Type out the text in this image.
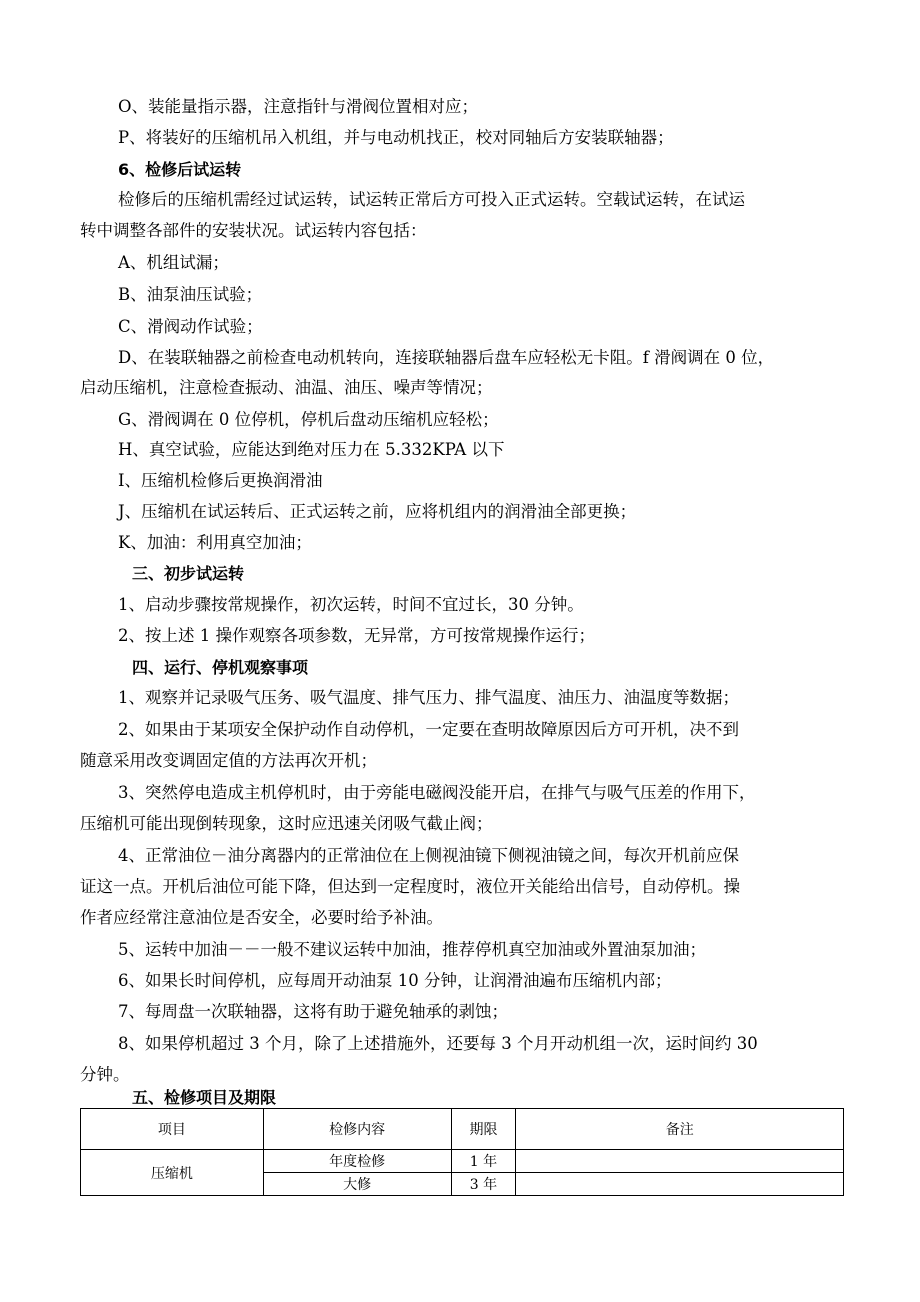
O、装能量指示器，注意指针与滑阀位置相对应；
P、将装好的压缩机吊入机组，并与电动机找正，校对同轴后方安装联轴器；
6、检修后试运转
检修后的压缩机需经过试运转，试运转正常后方可投入正式运转。空载试运转，在试运
转中调整各部件的安装状况。试运转内容包括：
A、机组试漏；
B、油泵油压试验；
C、滑阀动作试验；
D、在装联轴器之前检查电动机转向，连接联轴器后盘车应轻松无卡阻。f 滑阀调在 0 位，
启动压缩机，注意检查振动、油温、油压、噪声等情况；
G、滑阀调在 0 位停机，停机后盘动压缩机应轻松；
H、真空试验，应能达到绝对压力在 5.332KPA 以下
I、压缩机检修后更换润滑油
J、压缩机在试运转后、正式运转之前，应将机组内的润滑油全部更换；
K、加油：利用真空加油；
三、初步试运转
1、启动步骤按常规操作，初次运转，时间不宜过长，30 分钟。
2、按上述 1 操作观察各项参数，无异常，方可按常规操作运行；
四、运行、停机观察事项
1、观察并记录吸气压务、吸气温度、排气压力、排气温度、油压力、油温度等数据；
2、如果由于某项安全保护动作自动停机，一定要在查明故障原因后方可开机，决不到
随意采用改变调固定值的方法再次开机；
3、突然停电造成主机停机时，由于旁能电磁阀没能开启，在排气与吸气压差的作用下，
压缩机可能出现倒转现象，这时应迅速关闭吸气截止阀；
4、正常油位－油分离器内的正常油位在上侧视油镜下侧视油镜之间，每次开机前应保
证这一点。开机后油位可能下降，但达到一定程度时，液位开关能给出信号，自动停机。操
作者应经常注意油位是否安全，必要时给予补油。
5、运转中加油－－一般不建议运转中加油，推荐停机真空加油或外置油泵加油；
6、如果长时间停机，应每周开动油泵 10 分钟，让润滑油遍布压缩机内部；
7、每周盘一次联轴器，这将有助于避免轴承的剥蚀；
8、如果停机超过 3 个月，除了上述措施外，还要每 3 个月开动机组一次，运时间约 30
分钟。
五、检修项目及期限
项目	检修内容	期限	备注
压缩机	年度检修	1 年	
	大修	3 年	
